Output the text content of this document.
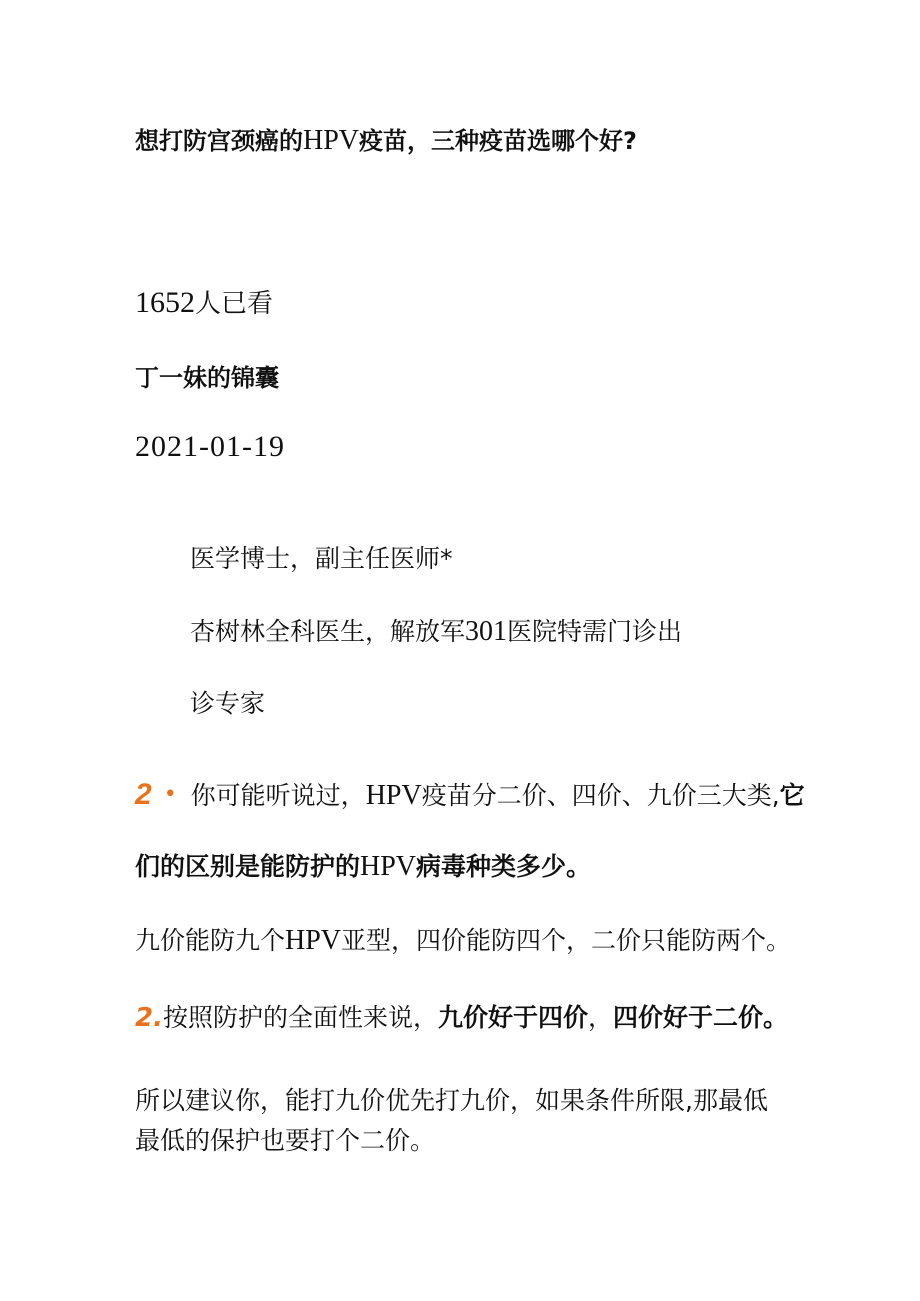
想打防宫颈癌的HPV疫苗，三种疫苗选哪个好?
1652人已看
丁一妹的锦囊
2021-01-19
医学博士，副主任医师*
杏树林全科医生，解放军301医院特需门诊出
诊专家
2 • 你可能听说过，HPV疫苗分二价、四价、九价三大类,它
们的区别是能防护的HPV病毒种类多少。
九价能防九个HPV亚型，四价能防四个，二价只能防两个。
2.按照防护的全面性来说，九价好于四价，四价好于二价。
所以建议你，能打九价优先打九价，如果条件所限,那最低
最低的保护也要打个二价。
